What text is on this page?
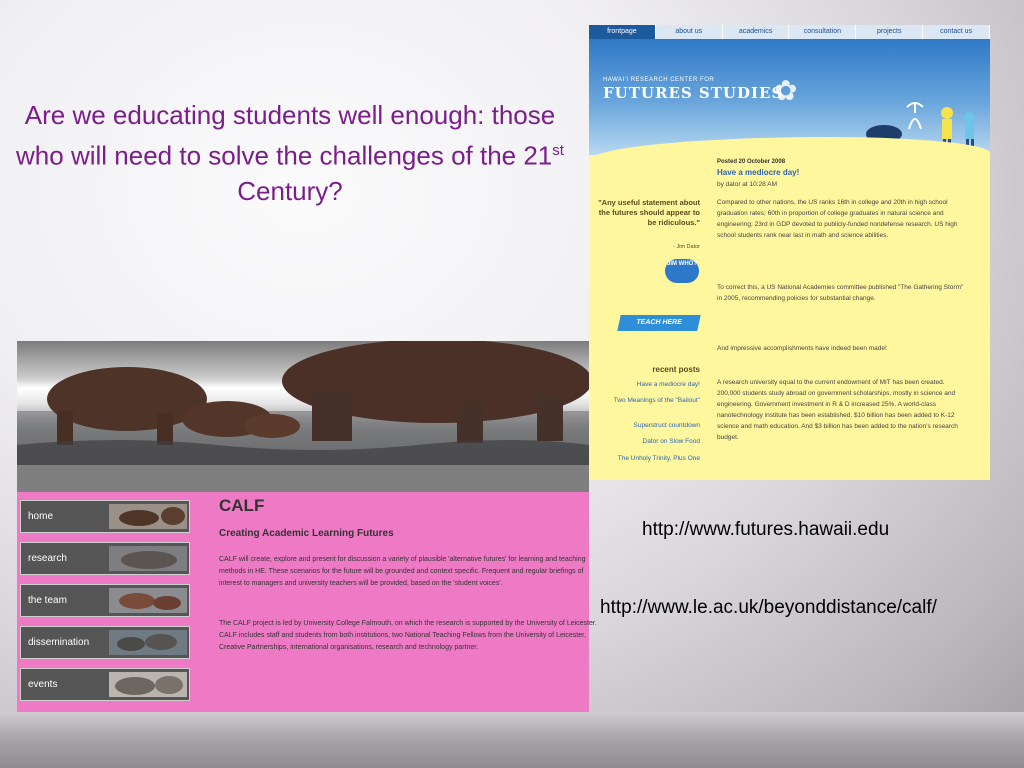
Are we educating students well enough: those who will need to solve the challenges of the 21st Century?
frontpage	about us	academics	consultation	projects	contact us
HAWAI'I RESEARCH CENTER FOR
FUTURES STUDIES
✿
"Any useful statement about the futures should appear to be ridiculous."
- Jim Dator
JIM WHO?
TEACH HERE
recent posts
Have a mediocre day!
Two Meanings of the "Bailout"
Superstruct countdown
Dator on Slow Food
The Unholy Trinity, Plus One
Posted 20 October 2008
Have a mediocre day!
by dator at 10:28 AM
Compared to other nations, the US ranks 16th in college and 20th in high school graduation rates; 60th in proportion of college graduates in natural science and engineering; 23rd in GDP devoted to publicly-funded nondefense research. US high school students rank near last in math and science abilities.
To correct this, a US National Academies committee published "The Gathering Storm" in 2005, recommending policies for substantial change.
And impressive accomplishments have indeed been made!
A research university equal to the current endowment of MIT has been created. 200,000 students study abroad on government scholarships, mostly in science and engineering. Government investment in R & D increased 25%. A world-class nanotechnology institute has been established. $10 billion has been added to K-12 science and math education. And $3 billion has been added to the nation's research budget.
home
research
the team
dissemination
events
CALF
Creating Academic Learning Futures
CALF will create, explore and present for discussion a variety of plausible 'alternative futures' for learning and teaching methods in HE. These scenarios for the future will be grounded and context specific. Frequent and regular briefings of interest to managers and university teachers will be provided, based on the 'student voices'.
The CALF project is led by University College Falmouth, on which the research is supported by the University of Leicester. CALF includes staff and students from both institutions, two National Teaching Fellows from the University of Leicester, Creative Partnerships, international organisations, research and technology partner.
http://www.futures.hawaii.edu
http://www.le.ac.uk/beyonddistance/calf/
